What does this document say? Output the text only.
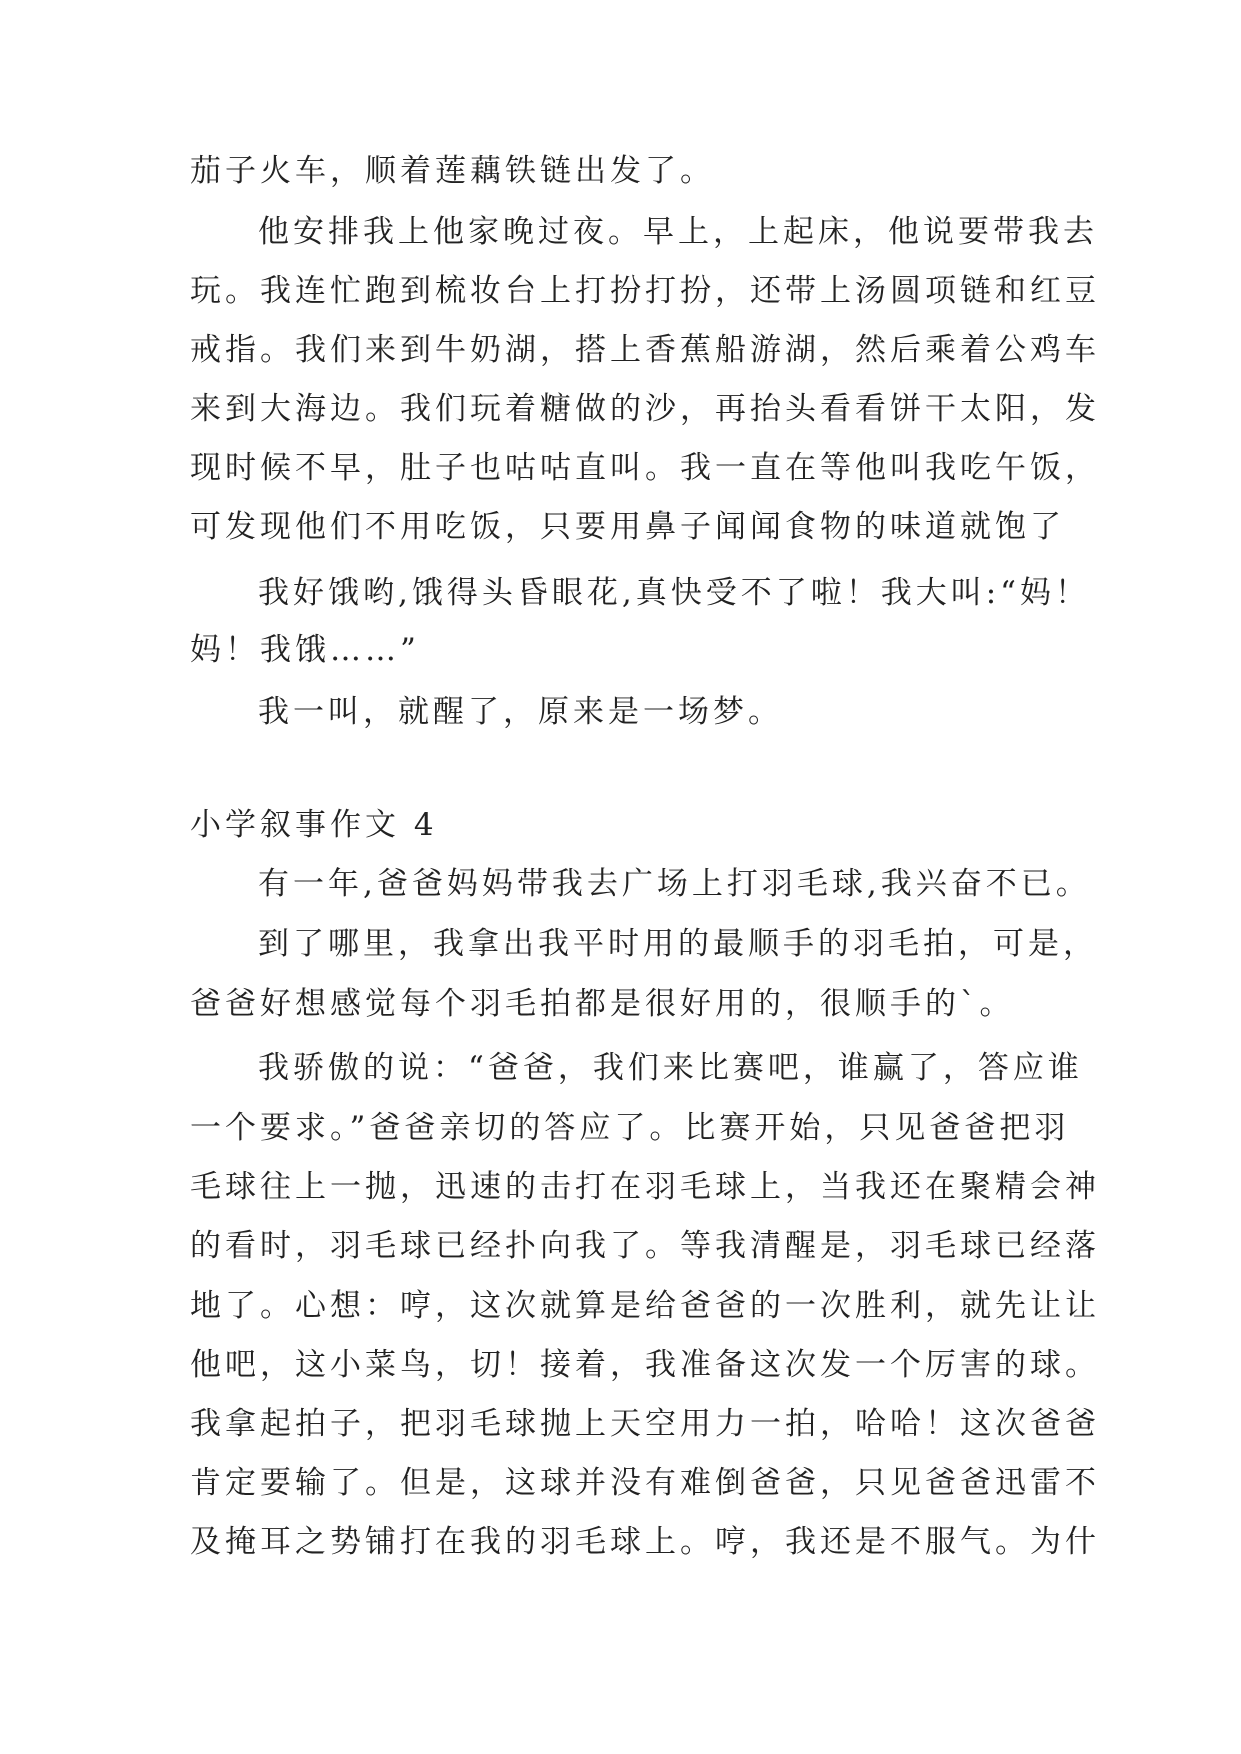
茄子火车，顺着莲藕铁链出发了。
他安排我上他家晚过夜。早上，上起床，他说要带我去
玩。我连忙跑到梳妆台上打扮打扮，还带上汤圆项链和红豆
戒指。我们来到牛奶湖，搭上香蕉船游湖，然后乘着公鸡车
来到大海边。我们玩着糖做的沙，再抬头看看饼干太阳，发
现时候不早，肚子也咕咕直叫。我一直在等他叫我吃午饭，
可发现他们不用吃饭，只要用鼻子闻闻食物的味道就饱了
我好饿哟,饿得头昏眼花,真快受不了啦！我大叫:“妈！
妈！我饿……”
我一叫，就醒了，原来是一场梦。
小学叙事作文 4
有一年,爸爸妈妈带我去广场上打羽毛球,我兴奋不已。
到了哪里，我拿出我平时用的最顺手的羽毛拍，可是，
爸爸好想感觉每个羽毛拍都是很好用的，很顺手的`。
我骄傲的说：“爸爸，我们来比赛吧，谁赢了，答应谁
一个要求。”爸爸亲切的答应了。比赛开始，只见爸爸把羽
毛球往上一抛，迅速的击打在羽毛球上，当我还在聚精会神
的看时，羽毛球已经扑向我了。等我清醒是，羽毛球已经落
地了。心想：哼，这次就算是给爸爸的一次胜利，就先让让
他吧，这小菜鸟，切！接着，我准备这次发一个厉害的球。
我拿起拍子，把羽毛球抛上天空用力一拍，哈哈！这次爸爸
肯定要输了。但是，这球并没有难倒爸爸，只见爸爸迅雷不
及掩耳之势铺打在我的羽毛球上。哼，我还是不服气。为什
